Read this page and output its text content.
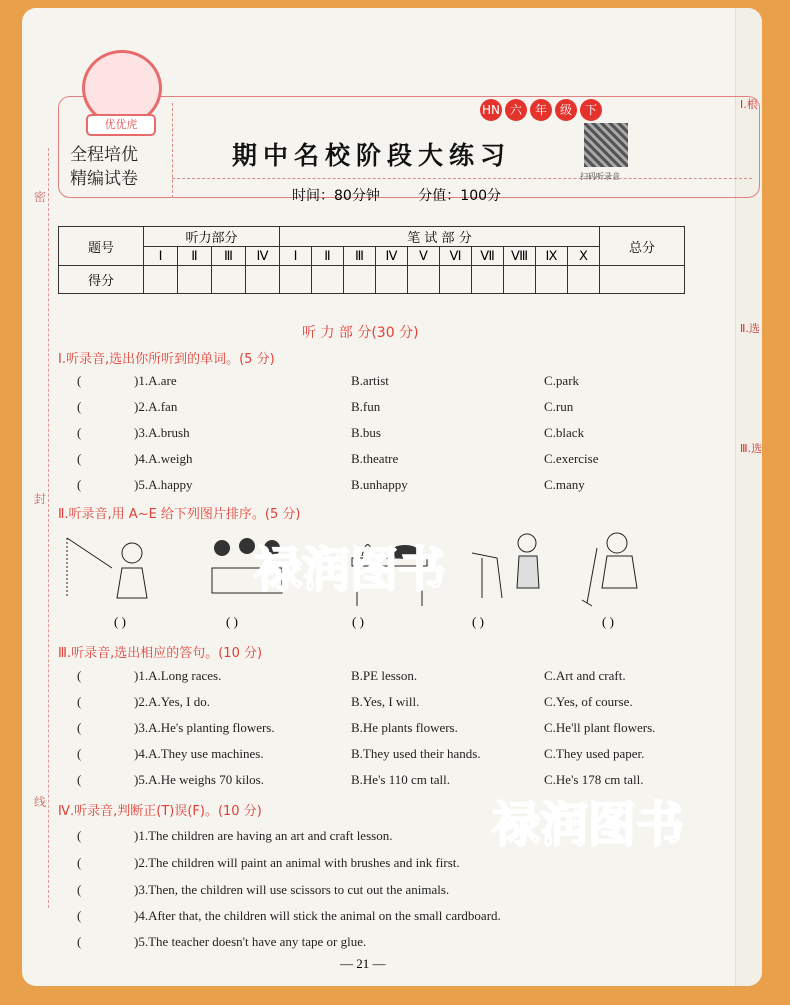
Ⅰ.根
Ⅱ.选
Ⅲ.选
密
封
线
优优虎
全程培优
精编试卷
HN 六	年	级	下
期中名校阶段大练习
扫码听录音
时间：80分钟	分值：100分
题号	听力部分				笔 试 部 分										总分
	Ⅰ	Ⅱ	Ⅲ	Ⅳ	Ⅰ	Ⅱ	Ⅲ	Ⅳ	Ⅴ	Ⅵ	Ⅶ	Ⅷ	Ⅸ	Ⅹ	
得分															
听 力 部 分(30 分)
Ⅰ.听录音,选出你所听到的单词。(5 分)
(	)1.A.are	B.artist	C.park
(	)2.A.fan	B.fun	C.run
(	)3.A.brush	B.bus	C.black
(	)4.A.weigh	B.theatre	C.exercise
(	)5.A.happy	B.unhappy	C.many
Ⅱ.听录音,用 A~E 给下列图片排序。(5 分)
( )	( )	( )	( )	( )
Ⅲ.听录音,选出相应的答句。(10 分)
(	)1.A.Long races.	B.PE lesson.	C.Art and craft.
(	)2.A.Yes, I do.	B.Yes, I will.	C.Yes, of course.
(	)3.A.He's planting flowers.	B.He plants flowers.	C.He'll plant flowers.
(	)4.A.They use machines.	B.They used their hands.	C.They used paper.
(	)5.A.He weighs 70 kilos.	B.He's 110 cm tall.	C.He's 178 cm tall.
Ⅳ.听录音,判断正(T)误(F)。(10 分)
(	)1.The children are having an art and craft lesson.
(	)2.The children will paint an animal with brushes and ink first.
(	)3.Then, the children will use scissors to cut out the animals.
(	)4.After that, the children will stick the animal on the small cardboard.
(	)5.The teacher doesn't have any tape or glue.
禄润图书
禄润图书
— 21 —
